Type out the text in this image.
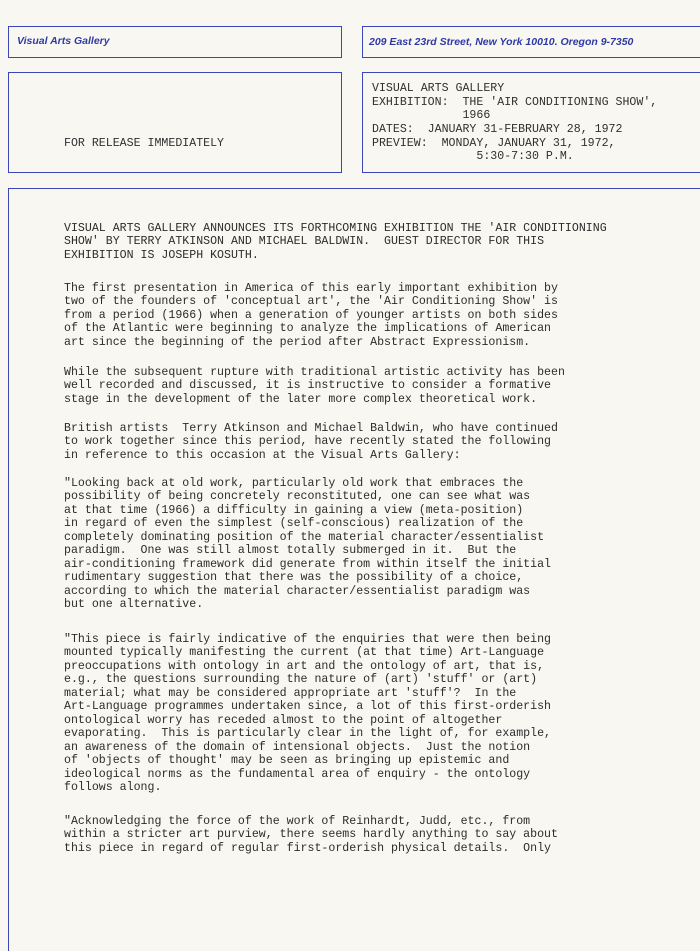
Visual Arts Gallery	209 East 23rd Street, New York 10010. Oregon 9-7350
FOR RELEASE IMMEDIATELY
VISUAL ARTS GALLERY
EXHIBITION:  THE 'AIR CONDITIONING SHOW',
1966
DATES:  JANUARY 31-FEBRUARY 28, 1972
PREVIEW:  MONDAY, JANUARY 31, 1972,
5:30-7:30 P.M.
VISUAL ARTS GALLERY ANNOUNCES ITS FORTHCOMING EXHIBITION THE 'AIR CONDITIONING
SHOW' BY TERRY ATKINSON AND MICHAEL BALDWIN.  GUEST DIRECTOR FOR THIS
EXHIBITION IS JOSEPH KOSUTH.
The first presentation in America of this early important exhibition by
two of the founders of 'conceptual art', the 'Air Conditioning Show' is
from a period (1966) when a generation of younger artists on both sides
of the Atlantic were beginning to analyze the implications of American
art since the beginning of the period after Abstract Expressionism.
While the subsequent rupture with traditional artistic activity has been
well recorded and discussed, it is instructive to consider a formative
stage in the development of the later more complex theoretical work.
British artists  Terry Atkinson and Michael Baldwin, who have continued
to work together since this period, have recently stated the following
in reference to this occasion at the Visual Arts Gallery:
"Looking back at old work, particularly old work that embraces the
possibility of being concretely reconstituted, one can see what was
at that time (1966) a difficulty in gaining a view (meta-position)
in regard of even the simplest (self-conscious) realization of the
completely dominating position of the material character/essentialist
paradigm.  One was still almost totally submerged in it.  But the
air-conditioning framework did generate from within itself the initial
rudimentary suggestion that there was the possibility of a choice,
according to which the material character/essentialist paradigm was
but one alternative.
"This piece is fairly indicative of the enquiries that were then being
mounted typically manifesting the current (at that time) Art-Language
preoccupations with ontology in art and the ontology of art, that is,
e.g., the questions surrounding the nature of (art) 'stuff' or (art)
material; what may be considered appropriate art 'stuff'?  In the
Art-Language programmes undertaken since, a lot of this first-orderish
ontological worry has receded almost to the point of altogether
evaporating.  This is particularly clear in the light of, for example,
an awareness of the domain of intensional objects.  Just the notion
of 'objects of thought' may be seen as bringing up epistemic and
ideological norms as the fundamental area of enquiry - the ontology
follows along.
"Acknowledging the force of the work of Reinhardt, Judd, etc., from
within a stricter art purview, there seems hardly anything to say about
this piece in regard of regular first-orderish physical details.  Only
